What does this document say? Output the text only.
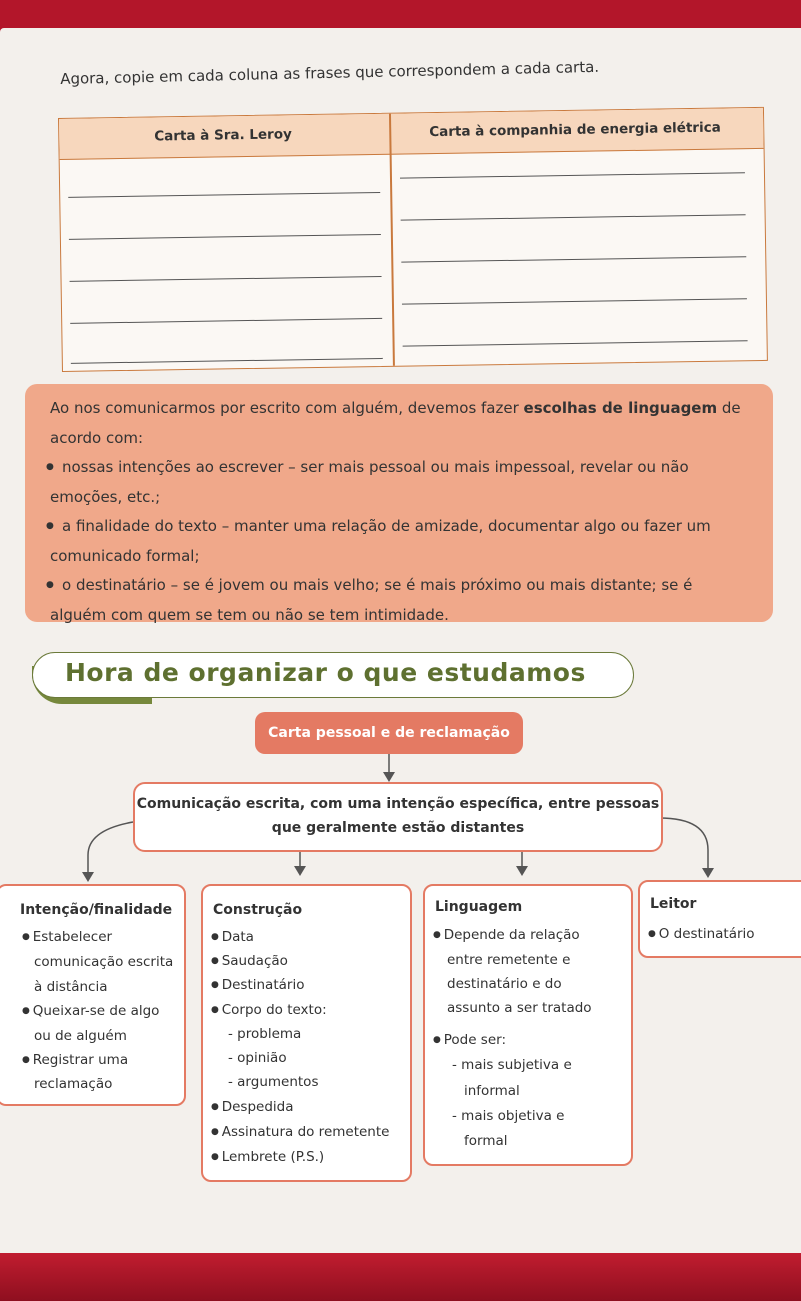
Agora, copie em cada coluna as frases que correspondem a cada carta.
Carta à Sra. Leroy	Carta à companhia de energia elétrica

Ao nos comunicarmos por escrito com alguém, devemos fazer escolhas de linguagem de

acordo com:

● nossas intenções ao escrever – ser mais pessoal ou mais impessoal, revelar ou não

emoções, etc.;

● a finalidade do texto – manter uma relação de amizade, documentar algo ou fazer um

comunicado formal;

● o destinatário – se é jovem ou mais velho; se é mais próximo ou mais distante; se é

alguém com quem se tem ou não se tem intimidade.

Hora de organizar o que estudamos
Carta pessoal e de reclamação
Comunicação escrita, com uma intenção específica, entre pessoas
que geralmente estão distantes
Intenção/finalidade
● Estabelecer
comunicação escrita
à distância
● Queixar-se de algo
ou de alguém
● Registrar uma
reclamação
Construção
● Data
● Saudação
● Destinatário
● Corpo do texto:
- problema
- opinião
- argumentos
● Despedida
● Assinatura do remetente
● Lembrete (P.S.)
Linguagem
● Depende da relação
entre remetente e
destinatário e do
assunto a ser tratado
● Pode ser:
- mais subjetiva e
informal
- mais objetiva e
formal
Leitor
● O destinatário
